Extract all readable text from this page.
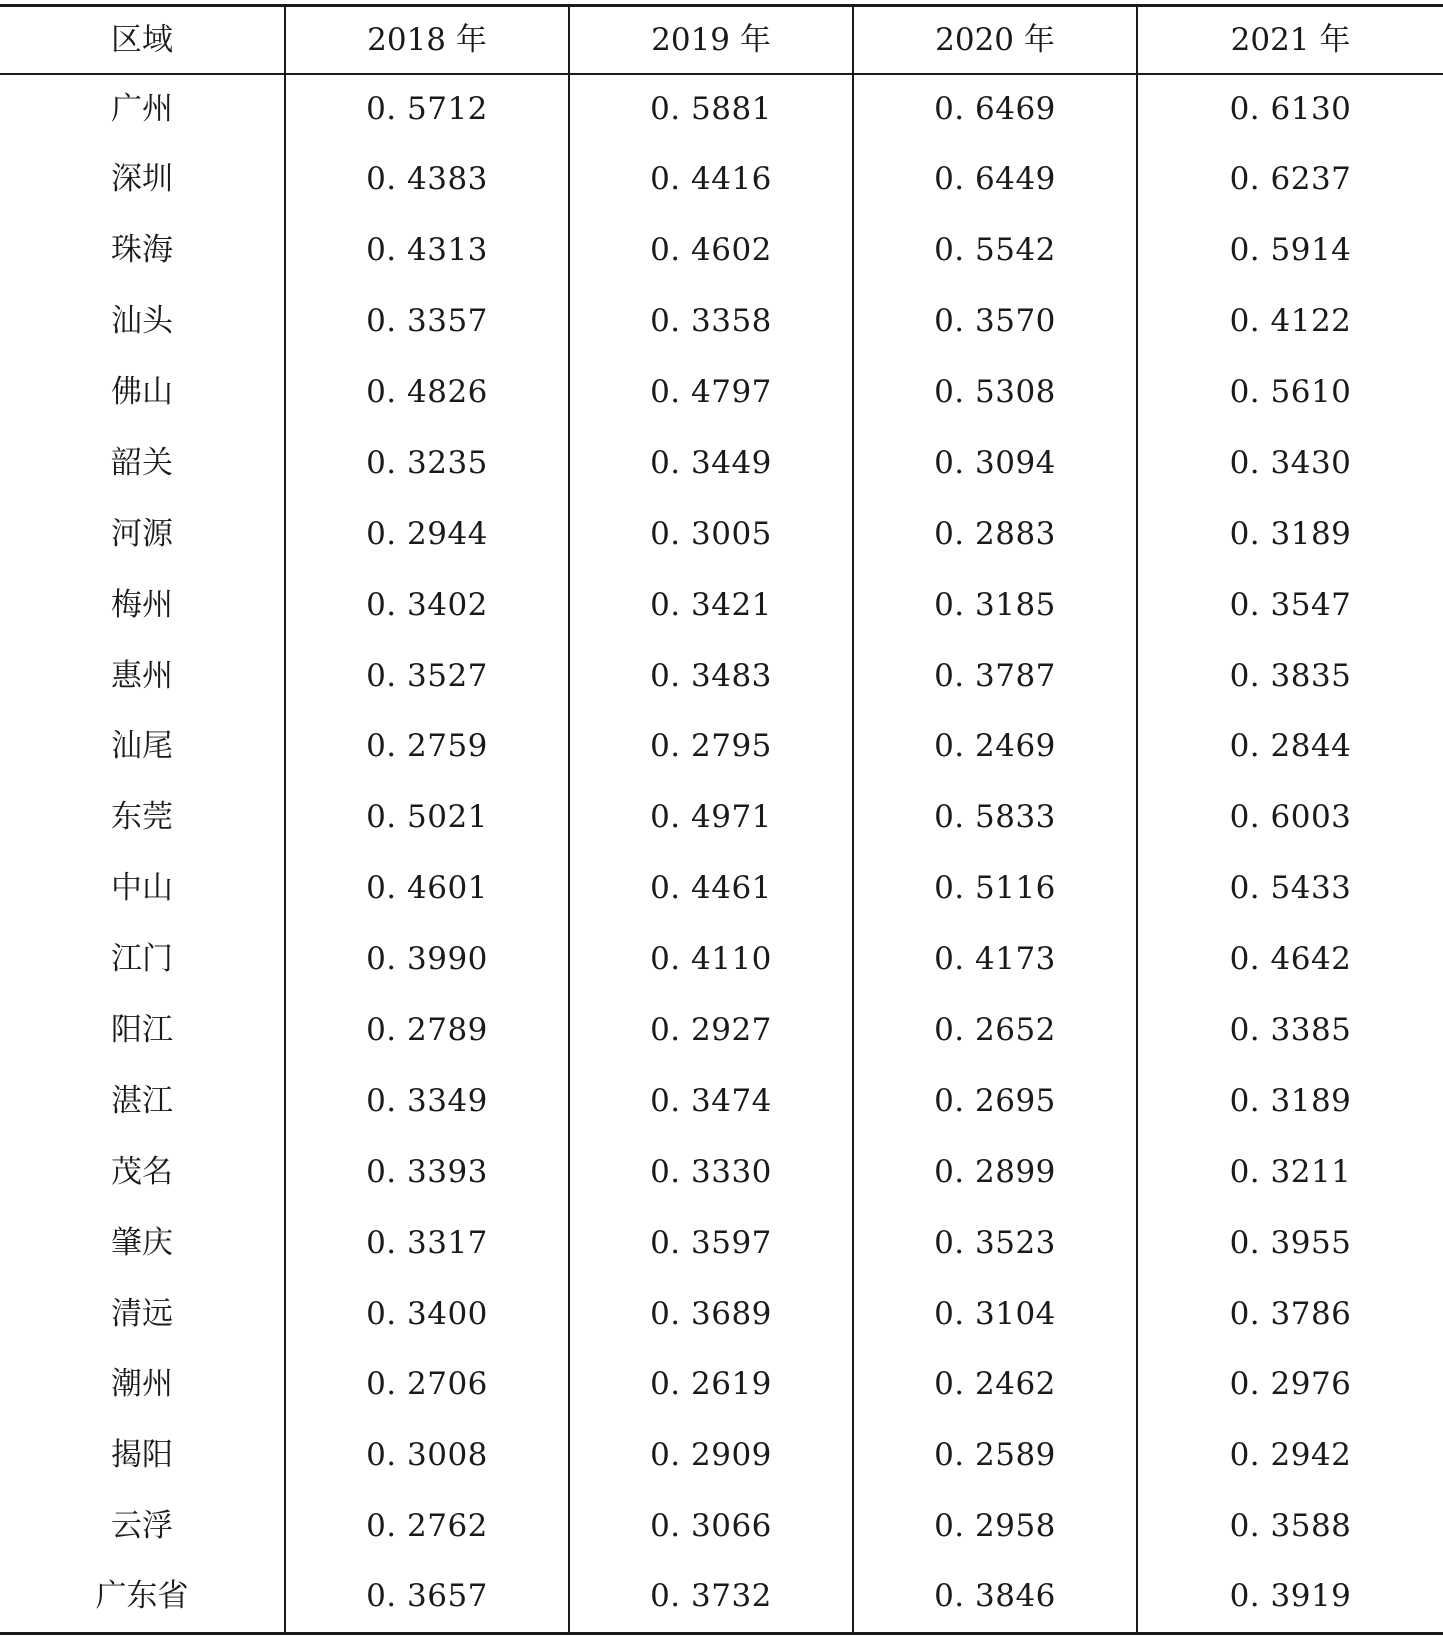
区域	2018 年	2019 年	2020 年	2021 年
广州	0. 5712	0. 5881	0. 6469	0. 6130
深圳	0. 4383	0. 4416	0. 6449	0. 6237
珠海	0. 4313	0. 4602	0. 5542	0. 5914
汕头	0. 3357	0. 3358	0. 3570	0. 4122
佛山	0. 4826	0. 4797	0. 5308	0. 5610
韶关	0. 3235	0. 3449	0. 3094	0. 3430
河源	0. 2944	0. 3005	0. 2883	0. 3189
梅州	0. 3402	0. 3421	0. 3185	0. 3547
惠州	0. 3527	0. 3483	0. 3787	0. 3835
汕尾	0. 2759	0. 2795	0. 2469	0. 2844
东莞	0. 5021	0. 4971	0. 5833	0. 6003
中山	0. 4601	0. 4461	0. 5116	0. 5433
江门	0. 3990	0. 4110	0. 4173	0. 4642
阳江	0. 2789	0. 2927	0. 2652	0. 3385
湛江	0. 3349	0. 3474	0. 2695	0. 3189
茂名	0. 3393	0. 3330	0. 2899	0. 3211
肇庆	0. 3317	0. 3597	0. 3523	0. 3955
清远	0. 3400	0. 3689	0. 3104	0. 3786
潮州	0. 2706	0. 2619	0. 2462	0. 2976
揭阳	0. 3008	0. 2909	0. 2589	0. 2942
云浮	0. 2762	0. 3066	0. 2958	0. 3588
广东省	0. 3657	0. 3732	0. 3846	0. 3919
